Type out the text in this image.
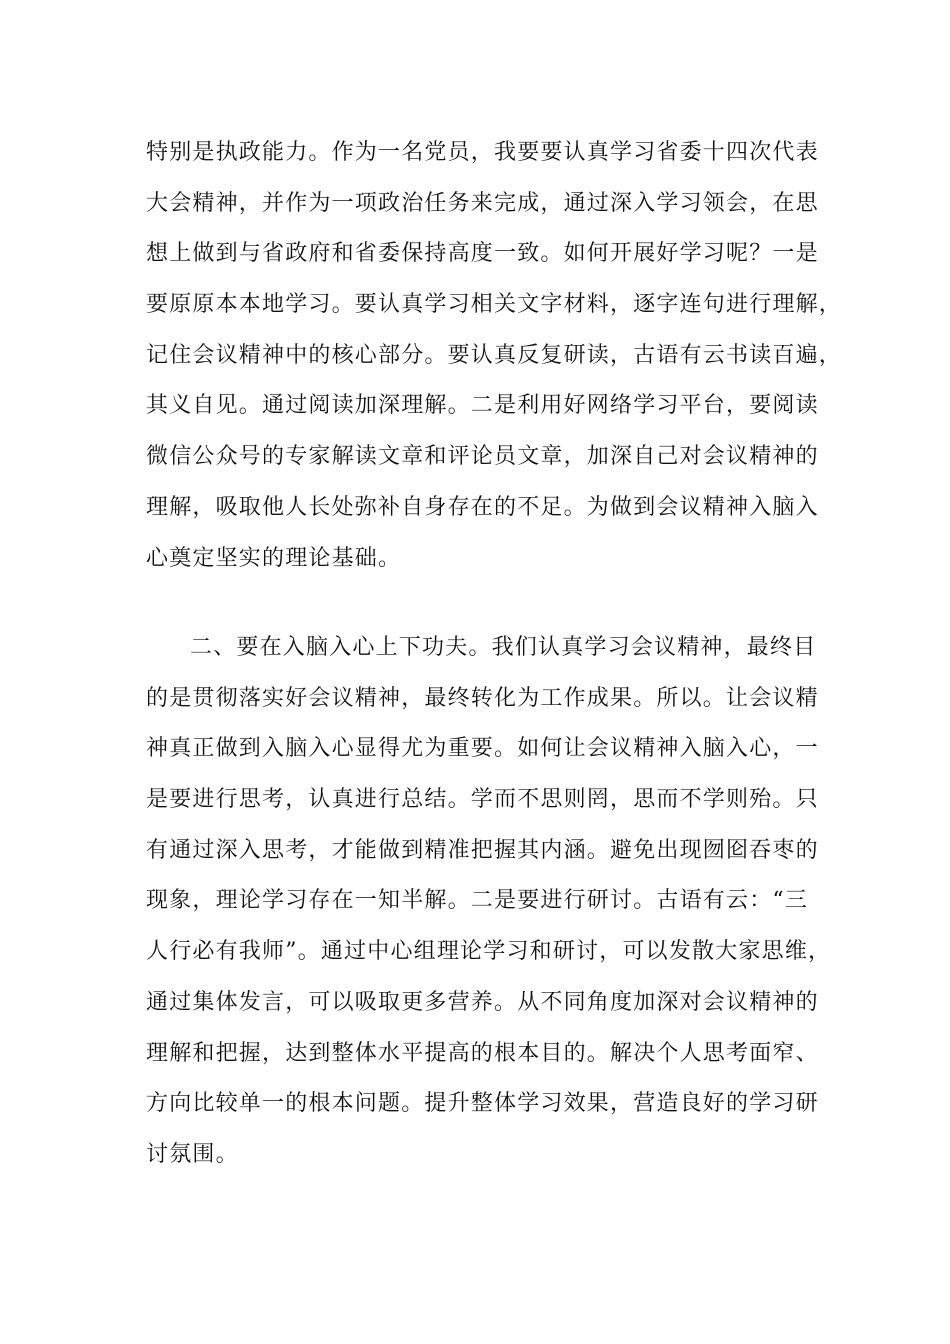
特别是执政能力。作为一名党员，我要要认真学习省委十四次代表
大会精神，并作为一项政治任务来完成，通过深入学习领会，在思
想上做到与省政府和省委保持高度一致。如何开展好学习呢？一是
要原原本本地学习。要认真学习相关文字材料，逐字连句进行理解，
记住会议精神中的核心部分。要认真反复研读，古语有云书读百遍，
其义自见。通过阅读加深理解。二是利用好网络学习平台，要阅读
微信公众号的专家解读文章和评论员文章，加深自己对会议精神的
理解，吸取他人长处弥补自身存在的不足。为做到会议精神入脑入
心奠定坚实的理论基础。
二、要在入脑入心上下功夫。我们认真学习会议精神，最终目
的是贯彻落实好会议精神，最终转化为工作成果。所以。让会议精
神真正做到入脑入心显得尤为重要。如何让会议精神入脑入心，一
是要进行思考，认真进行总结。学而不思则罔，思而不学则殆。只
有通过深入思考，才能做到精准把握其内涵。避免出现囫囵吞枣的
现象，理论学习存在一知半解。二是要进行研讨。古语有云：“三
人行必有我师”。通过中心组理论学习和研讨，可以发散大家思维，
通过集体发言，可以吸取更多营养。从不同角度加深对会议精神的
理解和把握，达到整体水平提高的根本目的。解决个人思考面窄、
方向比较单一的根本问题。提升整体学习效果，营造良好的学习研
讨氛围。
